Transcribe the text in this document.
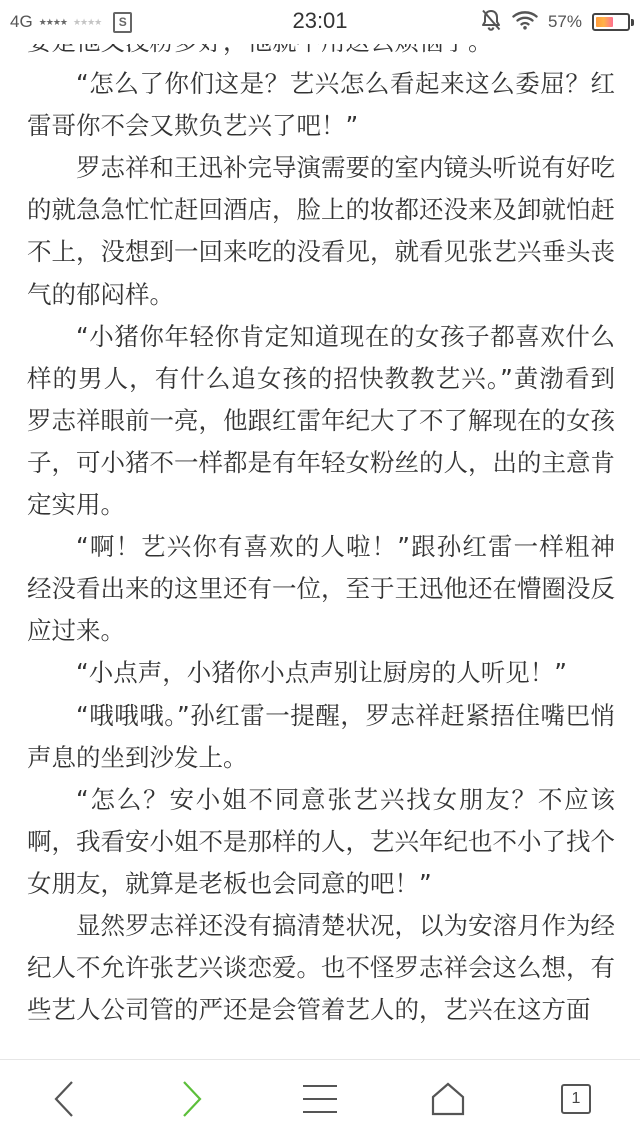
“怎么了你们这是？艺兴怎么看起来这么委屈？红雷哥你不会又欺负艺兴了吧！”

罗志祥和王迅补完导演需要的室内镜头听说有好吃的就急急忙忙赶回酒店，脸上的妆都还没来及卸就怕赶不上，没想到一回来吃的没看见，就看见张艺兴垂头丧气的郁闷样。

“小猪你年轻你肯定知道现在的女孩子都喜欢什么样的男人，有什么追女孩的招快教教艺兴。”黄渤看到罗志祥眼前一亮，他跟红雷年纪大了不了解现在的女孩子，可小猪不一样都是有年轻女粉丝的人，出的主意肯定实用。

“啊！艺兴你有喜欢的人啦！”跟孙红雷一样粗神经没看出来的这里还有一位，至于王迅他还在懵圈没反应过来。

“小点声，小猪你小点声别让厨房的人听见！”

“哦哦哦。”孙红雷一提醒，罗志祥赶紧捂住嘴巴悄声息的坐到沙发上。

“怎么？安小姐不同意张艺兴找女朋友？不应该啊，我看安小姐不是那样的人，艺兴年纪也不小了找个女朋友，就算是老板也会同意的吧！”

显然罗志祥还没有搞清楚状况，以为安溶月作为经纪人不允许张艺兴谈恋爱。也不怪罗志祥会这么想，有些艺人公司管的严还是会管着艺人的，艺兴在这方面

4G ★★★★ ★★★★	S	23:01	57%
1
